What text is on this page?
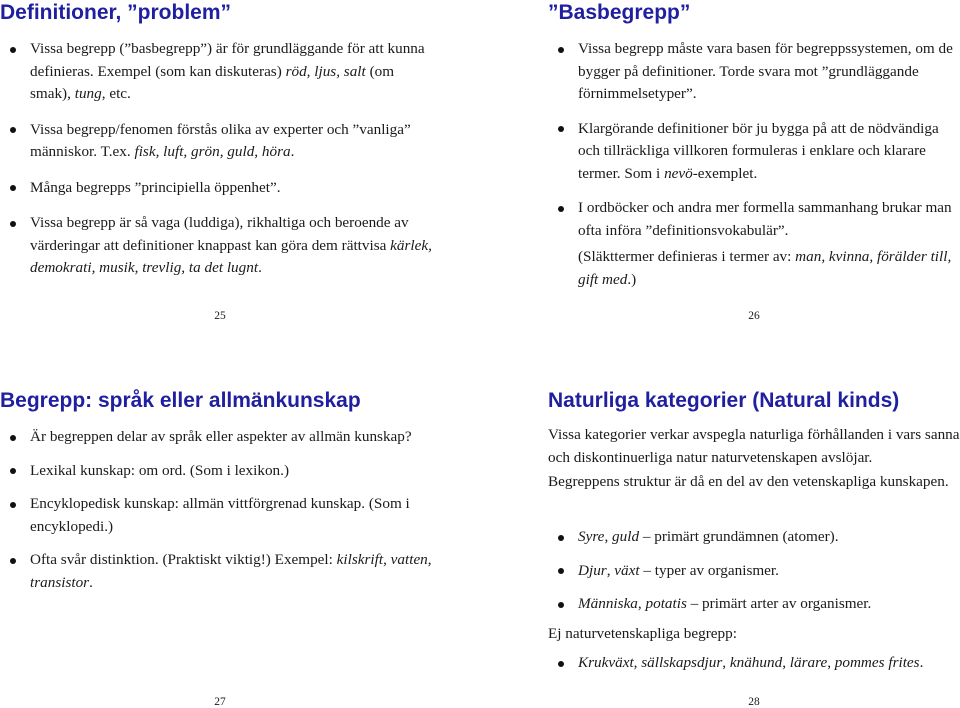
Definitioner, ”problem”
Vissa begrepp (”basbegrepp”) är för grundläggande för att kunna definieras. Exempel (som kan diskuteras) röd, ljus, salt (om smak), tung, etc.
Vissa begrepp/fenomen förstås olika av experter och ”vanliga” människor. T.ex. fisk, luft, grön, guld, höra.
Många begrepps ”principiella öppenhet”.
Vissa begrepp är så vaga (luddiga), rikhaltiga och beroende av värderingar att definitioner knappast kan göra dem rättvisa kärlek, demokrati, musik, trevlig, ta det lugnt.
25
”Basbegrepp”
Vissa begrepp måste vara basen för begreppssystemen, om de bygger på definitioner. Torde svara mot ”grundläggande förnimmelsetyper”.
Klargörande definitioner bör ju bygga på att de nödvändiga och tillräckliga villkoren formuleras i enklare och klarare termer. Som i nevö-exemplet.
I ordböcker och andra mer formella sammanhang brukar man ofta införa ”definitionsvokabulär”.
(Släkttermer definieras i termer av: man, kvinna, förälder till, gift med.)
26
Begrepp: språk eller allmänkunskap
Är begreppen delar av språk eller aspekter av allmän kunskap?
Lexikal kunskap: om ord. (Som i lexikon.)
Encyklopedisk kunskap: allmän vittförgrenad kunskap. (Som i encyklopedi.)
Ofta svår distinktion. (Praktiskt viktig!) Exempel: kilskrift, vatten, transistor.
27
Naturliga kategorier (Natural kinds)
Vissa kategorier verkar avspegla naturliga förhållanden i vars sanna och diskontinuerliga natur naturvetenskapen avslöjar.
Begreppens struktur är då en del av den vetenskapliga kunskapen.
Syre, guld – primärt grundämnen (atomer).
Djur, växt – typer av organismer.
Människa, potatis – primärt arter av organismer.
Ej naturvetenskapliga begrepp:
Krukväxt, sällskapsdjur, knähund, lärare, pommes frites.
28
